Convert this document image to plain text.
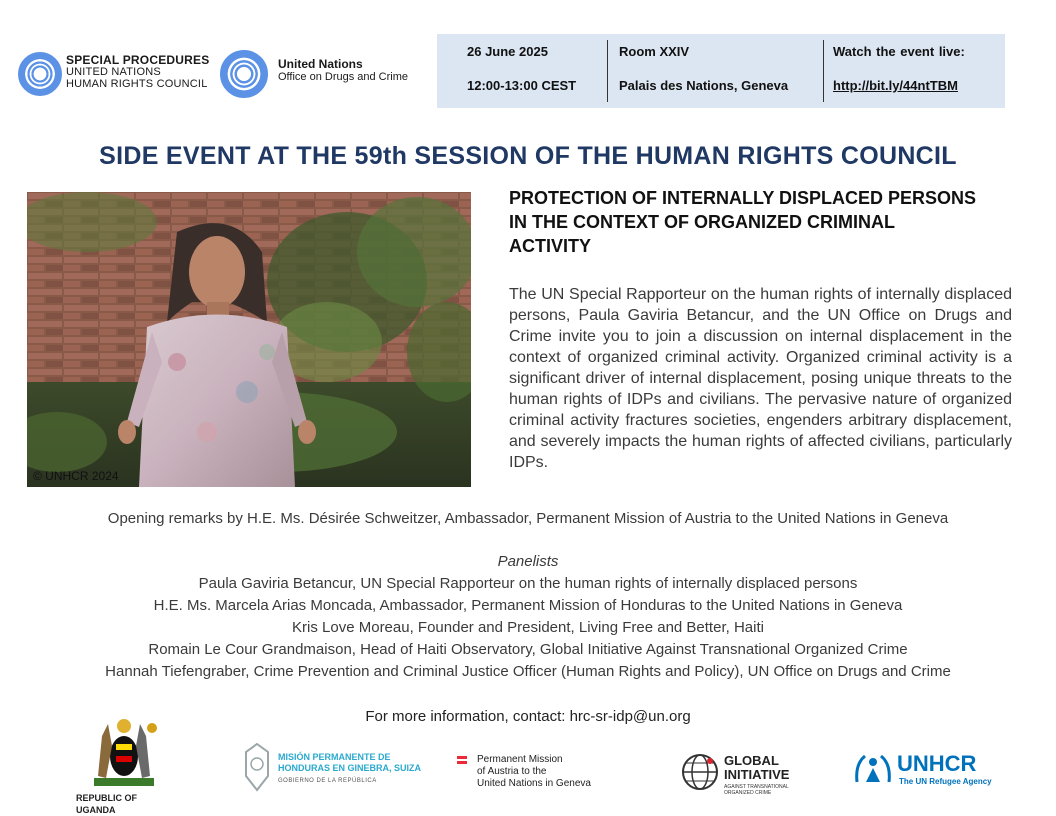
SPECIAL PROCEDURES
UNITED NATIONS
HUMAN RIGHTS COUNCIL
United Nations
Office on Drugs and Crime
26 June 2025
12:00-13:00 CEST
Room XXIV
Palais des Nations, Geneva
Watch the event live:
http://bit.ly/44ntTBM
SIDE EVENT AT THE 59th SESSION OF THE HUMAN RIGHTS COUNCIL
© UNHCR 2024
PROTECTION OF INTERNALLY DISPLACED PERSONS IN THE CONTEXT OF ORGANIZED CRIMINAL ACTIVITY
The UN Special Rapporteur on the human rights of internally displaced persons, Paula Gaviria Betancur, and the UN Office on Drugs and Crime invite you to join a discussion on internal displacement in the context of organized criminal activity. Organized criminal activity is a significant driver of internal displacement, posing unique threats to the human rights of IDPs and civilians. The pervasive nature of organized criminal activity fractures societies, engenders arbitrary displacement, and severely impacts the human rights of affected civilians, particularly IDPs.
Opening remarks by H.E. Ms. Désirée Schweitzer, Ambassador, Permanent Mission of Austria to the United Nations in Geneva
Panelists
Paula Gaviria Betancur, UN Special Rapporteur on the human rights of internally displaced persons
H.E. Ms. Marcela Arias Moncada, Ambassador, Permanent Mission of Honduras to the United Nations in Geneva
Kris Love Moreau, Founder and President, Living Free and Better, Haiti
Romain Le Cour Grandmaison, Head of Haiti Observatory, Global Initiative Against Transnational Organized Crime
Hannah Tiefengraber, Crime Prevention and Criminal Justice Officer (Human Rights and Policy), UN Office on Drugs and Crime
For more information, contact: hrc-sr-idp@un.org
REPUBLIC OF UGANDA
MISIÓN PERMANENTE DE
HONDURAS EN GINEBRA, SUIZA
GOBIERNO DE LA REPÚBLICA
Permanent Mission
of Austria to the
United Nations in Geneva
GLOBAL
INITIATIVE
AGAINST TRANSNATIONAL
ORGANIZED CRIME
UNHCR
The UN Refugee Agency
